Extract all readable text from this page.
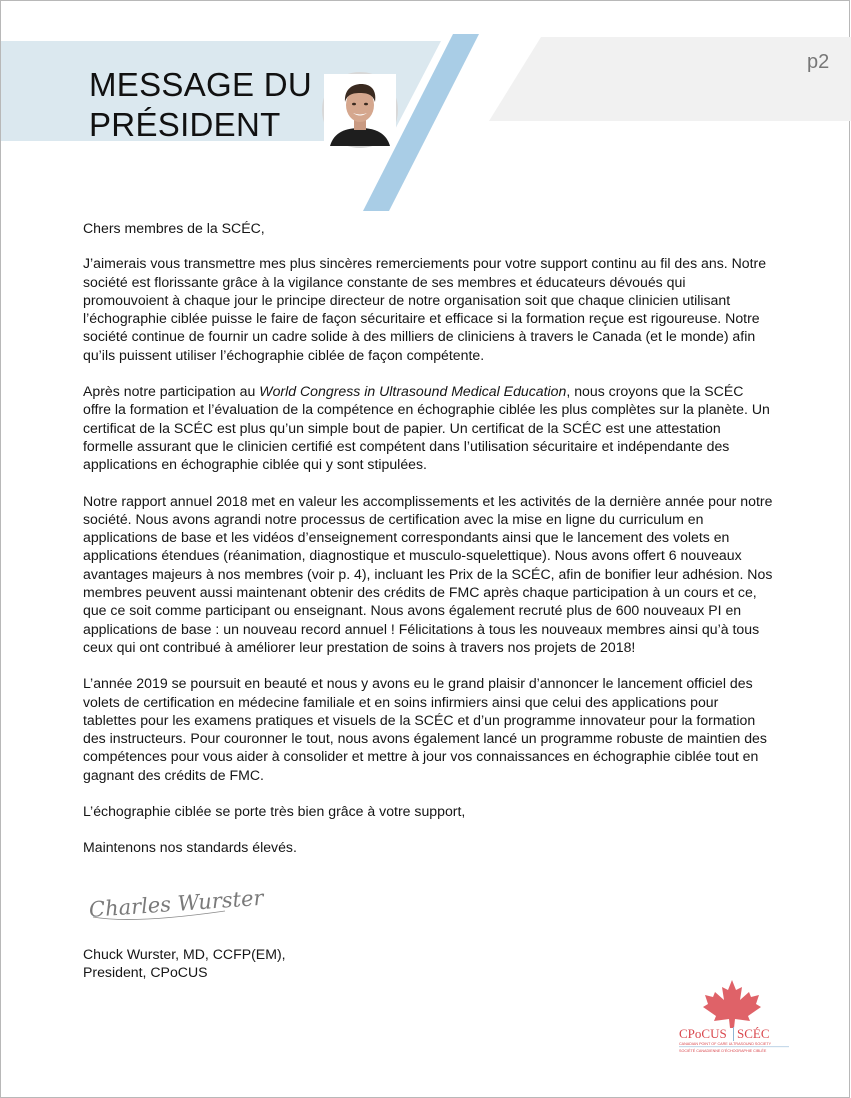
MESSAGE DU
PRÉSIDENT
p2

Chers membres de la SCÉC,

J’aimerais vous transmettre mes plus sincères remerciements pour votre support continu au fil des ans. Notre société est florissante grâce à la vigilance constante de ses membres et éducateurs dévoués qui promouvoient à chaque jour le principe directeur de notre organisation soit que chaque clinicien utilisant l’échographie ciblée puisse le faire de façon sécuritaire et efficace si la formation reçue est rigoureuse. Notre société continue de fournir un cadre solide à des milliers de cliniciens à travers le Canada (et le monde) afin qu’ils puissent utiliser l’échographie ciblée de façon compétente.

Après notre participation au World Congress in Ultrasound Medical Education, nous croyons que la SCÉC offre la formation et l’évaluation de la compétence en échographie ciblée les plus complètes sur la planète. Un certificat de la SCÉC est plus qu’un simple bout de papier. Un certificat de la SCÉC est une attestation formelle assurant que le clinicien certifié est compétent dans l’utilisation sécuritaire et indépendante des applications en échographie ciblée qui y sont stipulées.

Notre rapport annuel 2018 met en valeur les accomplissements et les activités de la dernière année pour notre société. Nous avons agrandi notre processus de certification avec la mise en ligne du curriculum en applications de base et les vidéos d’enseignement correspondants ainsi que le lancement des volets en applications étendues (réanimation, diagnostique et musculo-squelettique). Nous avons offert 6 nouveaux avantages majeurs à nos membres (voir p. 4), incluant les Prix de la SCÉC, afin de bonifier leur adhésion. Nos membres peuvent aussi maintenant obtenir des crédits de FMC après chaque participation à un cours et ce, que ce soit comme participant ou enseignant. Nous avons également recruté plus de 600 nouveaux PI en applications de base : un nouveau record annuel ! Félicitations à tous les nouveaux membres ainsi qu’à tous ceux qui ont contribué à améliorer leur prestation de soins à travers nos projets de 2018!

L’année 2019 se poursuit en beauté et nous y avons eu le grand plaisir d’annoncer le lancement officiel des volets de certification en médecine familiale et en soins infirmiers ainsi que celui des applications pour tablettes pour les examens pratiques et visuels de la SCÉC et d’un programme innovateur pour la formation des instructeurs. Pour couronner le tout, nous avons également lancé un programme robuste de maintien des compétences pour vous aider à consolider et mettre à jour vos connaissances en échographie ciblée tout en gagnant des crédits de FMC.

L’échographie ciblée se porte très bien grâce à votre support,

Maintenons nos standards élevés.

Charles Wurster
Chuck Wurster, MD, CCFP(EM),
President, CPoCUS
CPoCUS SCÉC
CANADIAN POINT OF CARE ULTRASOUND SOCIETY
SOCIÉTÉ CANADIENNE D’ÉCHOGRAPHIE CIBLÉE
